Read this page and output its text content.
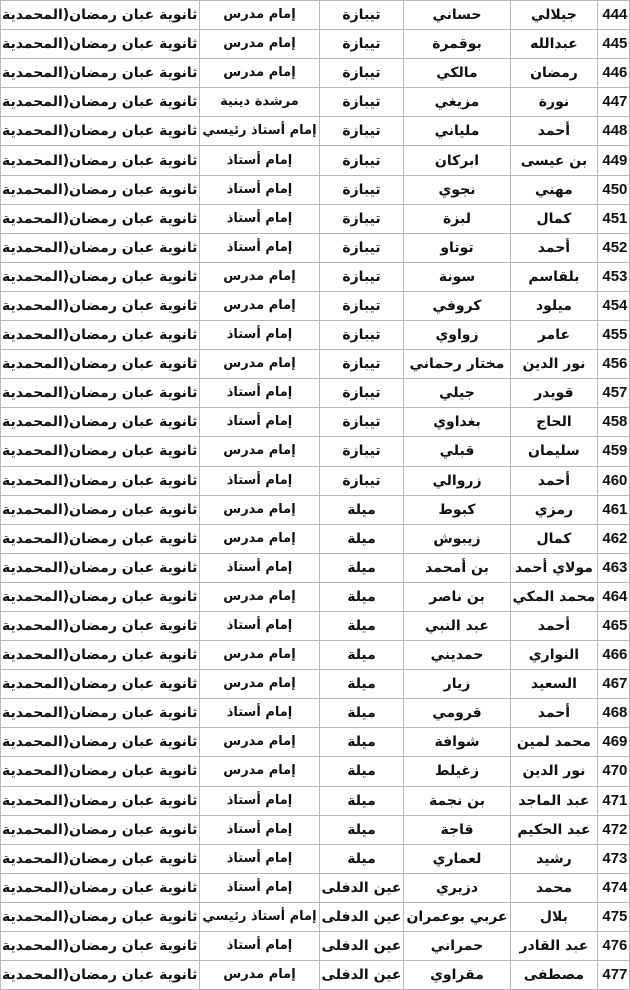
	ثانوية عبان رمضان(المحمدية	إمام مدرس	تيبازة	حساني	جيلالي	444	
	ثانوية عبان رمضان(المحمدية	إمام مدرس	تيبازة	بوقمرة	عبدالله	445	
	ثانوية عبان رمضان(المحمدية	إمام مدرس	تيبازة	مالكي	رمضان	446	
	ثانوية عبان رمضان(المحمدية	مرشدة دينية	تيبازة	مزيغي	نورة	447	
	ثانوية عبان رمضان(المحمدية	إمام أستاذ رئيسي	تيبازة	ملياني	أحمد	448	
	ثانوية عبان رمضان(المحمدية	إمام أستاذ	تيبازة	ابركان	بن عيسى	449	
	ثانوية عبان رمضان(المحمدية	إمام أستاذ	تيبازة	نجوي	مهني	450	
	ثانوية عبان رمضان(المحمدية	إمام أستاذ	تيبازة	لبزة	كمال	451	
	ثانوية عبان رمضان(المحمدية	إمام أستاذ	تيبازة	توتاو	أحمد	452	
	ثانوية عبان رمضان(المحمدية	إمام مدرس	تيبازة	سونة	بلقاسم	453	
	ثانوية عبان رمضان(المحمدية	إمام مدرس	تيبازة	كروفي	ميلود	454	
	ثانوية عبان رمضان(المحمدية	إمام أستاذ	تيبازة	زواوي	عامر	455	
	ثانوية عبان رمضان(المحمدية	إمام مدرس	تيبازة	مختار رحماني	نور الدين	456	
	ثانوية عبان رمضان(المحمدية	إمام أستاذ	تيبازة	جيلي	قويدر	457	
	ثانوية عبان رمضان(المحمدية	إمام أستاذ	تيبازة	بغداوي	الحاج	458	
	ثانوية عبان رمضان(المحمدية	إمام مدرس	تيبازة	قبلي	سليمان	459	
	ثانوية عبان رمضان(المحمدية	إمام أستاذ	تيبازة	زروالي	أحمد	460	
	ثانوية عبان رمضان(المحمدية	إمام مدرس	ميلة	كبوط	رمزي	461	
	ثانوية عبان رمضان(المحمدية	إمام مدرس	ميلة	زيبوش	كمال	462	
	ثانوية عبان رمضان(المحمدية	إمام أستاذ	ميلة	بن أمحمد	مولاي أحمد	463	
	ثانوية عبان رمضان(المحمدية	إمام مدرس	ميلة	بن ناصر	محمد المكي	464	
	ثانوية عبان رمضان(المحمدية	إمام أستاذ	ميلة	عبد النبي	أحمد	465	
	ثانوية عبان رمضان(المحمدية	إمام مدرس	ميلة	حمديني	النواري	466	
	ثانوية عبان رمضان(المحمدية	إمام مدرس	ميلة	زيار	السعيد	467	
	ثانوية عبان رمضان(المحمدية	إمام أستاذ	ميلة	قرومي	أحمد	468	
	ثانوية عبان رمضان(المحمدية	إمام مدرس	ميلة	شوافة	محمد لمين	469	
	ثانوية عبان رمضان(المحمدية	إمام مدرس	ميلة	زغيلط	نور الدين	470	
	ثانوية عبان رمضان(المحمدية	إمام أستاذ	ميلة	بن نجمة	عبد الماجد	471	
	ثانوية عبان رمضان(المحمدية	إمام أستاذ	ميلة	قاجة	عبد الحكيم	472	
	ثانوية عبان رمضان(المحمدية	إمام أستاذ	ميلة	لعماري	رشيد	473	
	ثانوية عبان رمضان(المحمدية	إمام أستاذ	عين الدفلى	دزيري	محمد	474	
	ثانوية عبان رمضان(المحمدية	إمام أستاذ رئيسي	عين الدفلى	عربي بوعمران	بلال	475	
	ثانوية عبان رمضان(المحمدية	إمام أستاذ	عين الدفلى	حمراني	عبد القادر	476	
	ثانوية عبان رمضان(المحمدية	إمام مدرس	عين الدفلى	مقراوي	مصطفى	477	
